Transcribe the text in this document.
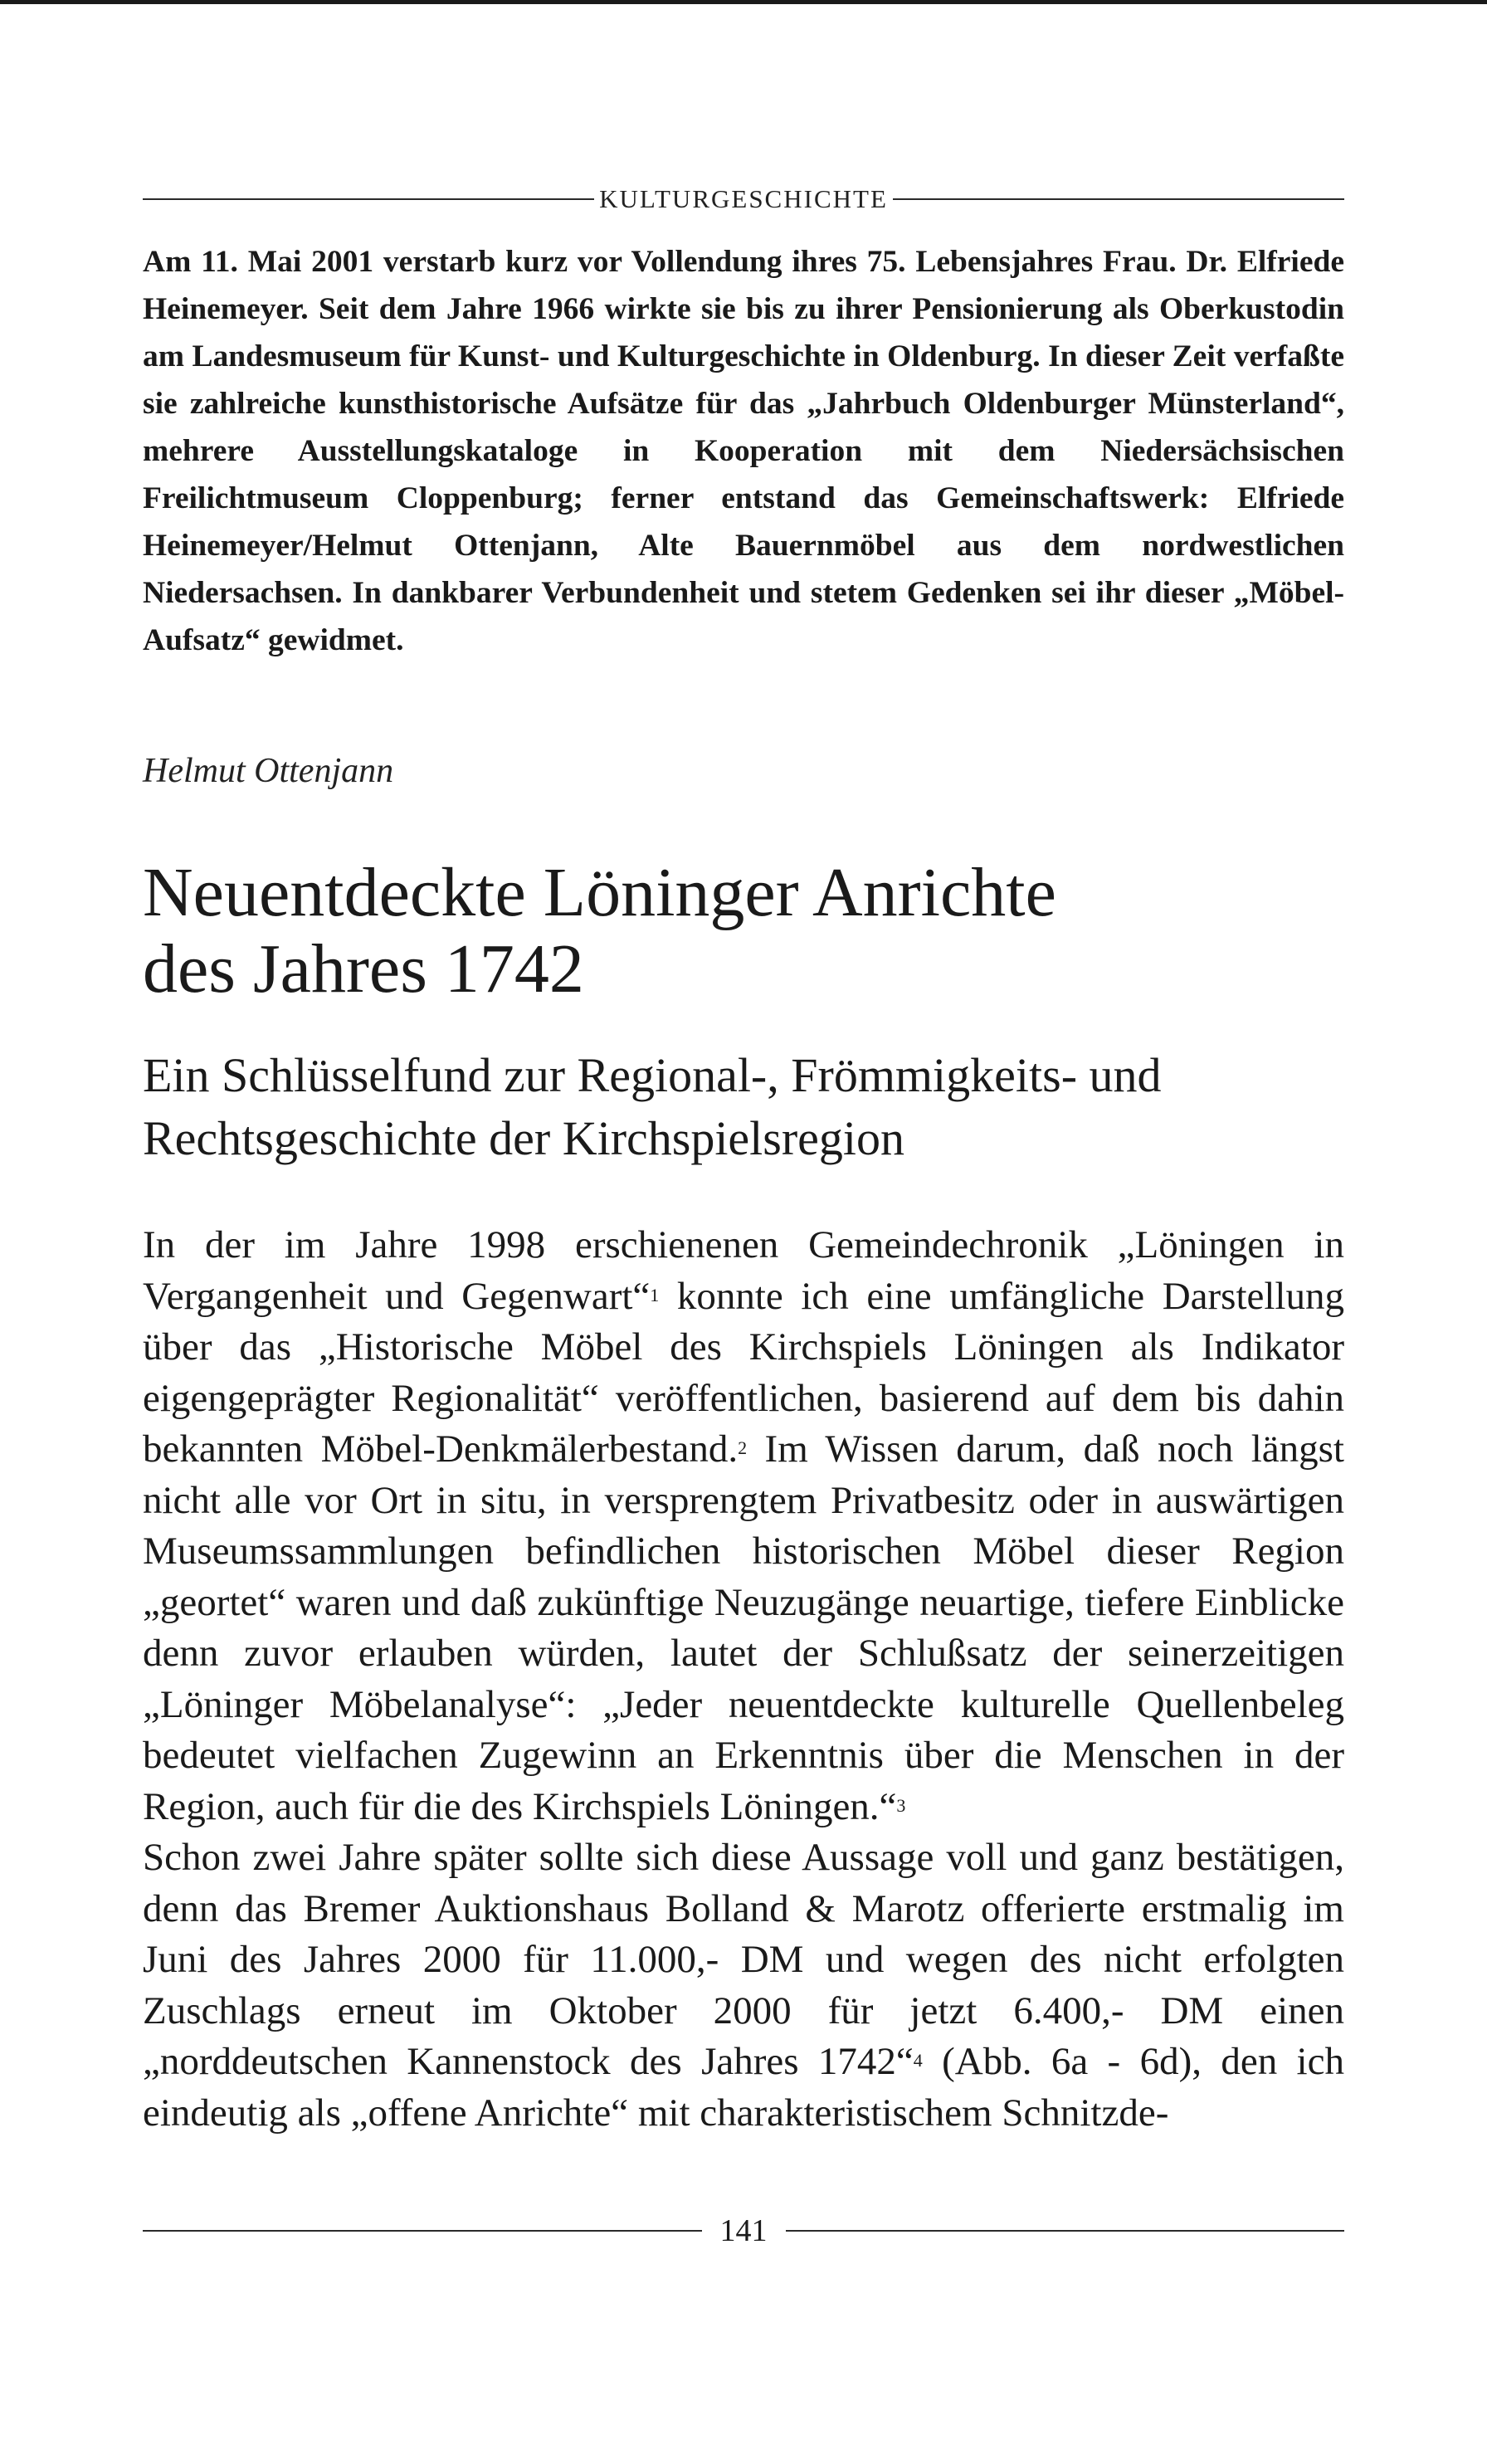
KULTURGESCHICHTE

Am 11. Mai 2001 verstarb kurz vor Vollendung ihres 75. Lebensjahres Frau. Dr. Elfriede Heinemeyer. Seit dem Jahre 1966 wirkte sie bis zu ihrer Pensionierung als Oberkustodin am Landesmuseum für Kunst- und Kulturgeschichte in Oldenburg. In dieser Zeit verfaßte sie zahlreiche kunsthistorische Aufsätze für das „Jahrbuch Oldenburger Münsterland“, mehrere Ausstellungskataloge in Kooperation mit dem Niedersächsischen Freilichtmuseum Cloppenburg; ferner entstand das Gemeinschaftswerk: Elfriede Heinemeyer/Helmut Ottenjann, Alte Bauernmöbel aus dem nordwestlichen Niedersachsen. In dankbarer Verbundenheit und stetem Gedenken sei ihr dieser „Möbel-Aufsatz“ gewidmet.

Helmut Ottenjann
Neuentdeckte Löninger Anrichte
des Jahres 1742
Ein Schlüsselfund zur Regional-, Frömmigkeits- und
Rechtsgeschichte der Kirchspielsregion

In der im Jahre 1998 erschienenen Gemeindechronik „Löningen in Vergangenheit und Gegenwart“$^1$ konnte ich eine umfängliche Darstellung über das „Historische Möbel des Kirchspiels Löningen als Indikator eigengeprägter Regionalität“ veröffentlichen, basierend auf dem bis dahin bekannten Möbel-Denkmälerbestand.$^2$ Im Wissen darum, daß noch längst nicht alle vor Ort in situ, in versprengtem Privatbesitz oder in auswärtigen Museumssammlungen befindlichen historischen Möbel dieser Region „geortet“ waren und daß zukünftige Neuzugänge neuartige, tiefere Einblicke denn zuvor erlauben würden, lautet der Schlußsatz der seinerzeitigen „Löninger Möbelanalyse“: „Jeder neuentdeckte kulturelle Quellenbeleg bedeutet vielfachen Zugewinn an Erkenntnis über die Menschen in der Region, auch für die des Kirchspiels Löningen.“$^3$

Schon zwei Jahre später sollte sich diese Aussage voll und ganz bestätigen, denn das Bremer Auktionshaus Bolland & Marotz offerierte erstmalig im Juni des Jahres 2000 für 11.000,- DM und wegen des nicht erfolgten Zuschlags erneut im Oktober 2000 für jetzt 6.400,- DM einen „norddeutschen Kannenstock des Jahres 1742“$^4$ (Abb. 6a - 6d), den ich eindeutig als „offene Anrichte“ mit charakteristischem Schnitzde-

141
